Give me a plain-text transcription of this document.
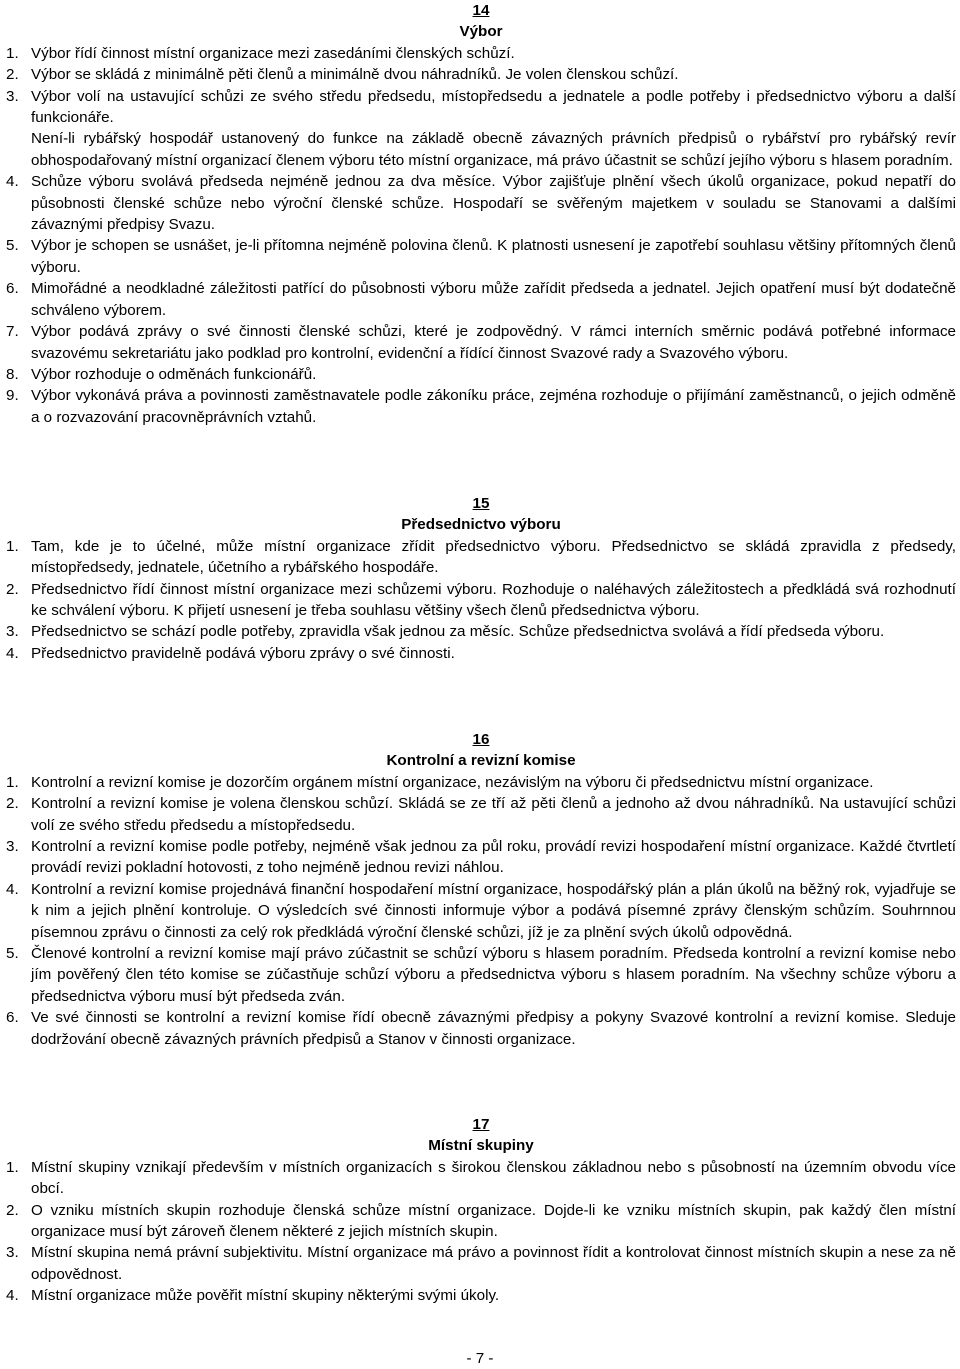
14
Výbor
1. Výbor řídí činnost místní organizace mezi zasedáními členských schůzí.
2. Výbor se skládá z minimálně pěti členů a minimálně dvou náhradníků. Je volen členskou schůzí.
3. Výbor volí na ustavující schůzi ze svého středu předsedu, místopředsedu a jednatele a podle potřeby i předsednictvo výboru a další funkcionáře.
Není-li rybářský hospodář ustanovený do funkce na základě obecně závazných právních předpisů o rybářství pro rybářský revír obhospodařovaný místní organizací členem výboru této místní organizace, má právo účastnit se schůzí jejího výboru s hlasem poradním.
4. Schůze výboru svolává předseda nejméně jednou za dva měsíce. Výbor zajišťuje plnění všech úkolů organizace, pokud nepatří do působnosti členské schůze nebo výroční členské schůze. Hospodaří se svěřeným majetkem v souladu se Stanovami a dalšími závaznými předpisy Svazu.
5. Výbor je schopen se usnášet, je-li přítomna nejméně polovina členů. K platnosti usnesení je zapotřebí souhlasu většiny přítomných členů výboru.
6. Mimořádné a neodkladné záležitosti patřící do působnosti výboru může zařídit předseda a jednatel. Jejich opatření musí být dodatečně schváleno výborem.
7. Výbor podává zprávy o své činnosti členské schůzi, které je zodpovědný. V rámci interních směrnic podává potřebné informace svazovému sekretariátu jako podklad pro kontrolní, evidenční a řídící činnost Svazové rady a Svazového výboru.
8. Výbor rozhoduje o odměnách funkcionářů.
9. Výbor vykonává práva a povinnosti zaměstnavatele podle zákoníku práce, zejména rozhoduje o přijímání zaměstnanců, o jejich odměně a o rozvazování pracovněprávních vztahů.
15
Předsednictvo výboru
1. Tam, kde je to účelné, může místní organizace zřídit předsednictvo výboru. Předsednictvo se skládá zpravidla z předsedy, místopředsedy, jednatele, účetního a rybářského hospodáře.
2. Předsednictvo řídí činnost místní organizace mezi schůzemi výboru. Rozhoduje o naléhavých záležitostech a předkládá svá rozhodnutí ke schválení výboru. K přijetí usnesení je třeba souhlasu většiny všech členů předsednictva výboru.
3. Předsednictvo se schází podle potřeby, zpravidla však jednou za měsíc. Schůze předsednictva svolává a řídí předseda výboru.
4. Předsednictvo pravidelně podává výboru zprávy o své činnosti.
16
Kontrolní a revizní komise
1. Kontrolní a revizní komise je dozorčím orgánem místní organizace, nezávislým na výboru či předsednictvu místní organizace.
2. Kontrolní a revizní komise je volena členskou schůzí. Skládá se ze tří až pěti členů a jednoho až dvou náhradníků. Na ustavující schůzi volí ze svého středu předsedu a místopředsedu.
3. Kontrolní a revizní komise podle potřeby, nejméně však jednou za půl roku, provádí revizi hospodaření místní organizace. Každé čtvrtletí provádí revizi pokladní hotovosti, z toho nejméně jednou revizi náhlou.
4. Kontrolní a revizní komise projednává finanční hospodaření místní organizace, hospodářský plán a plán úkolů na běžný rok, vyjadřuje se k nim a jejich plnění kontroluje. O výsledcích své činnosti informuje výbor a podává písemné zprávy členským schůzím. Souhrnnou písemnou zprávu o činnosti za celý rok předkládá výroční členské schůzi, jíž je za plnění svých úkolů odpovědná.
5. Členové kontrolní a revizní komise mají právo zúčastnit se schůzí výboru s hlasem poradním. Předseda kontrolní a revizní komise nebo jím pověřený člen této komise se zúčastňuje schůzí výboru a předsednictva výboru s hlasem poradním. Na všechny schůze výboru a předsednictva výboru musí být předseda zván.
6. Ve své činnosti se kontrolní a revizní komise řídí obecně závaznými předpisy a pokyny Svazové kontrolní a revizní komise. Sleduje dodržování obecně závazných právních předpisů a Stanov v činnosti organizace.
17
Místní skupiny
1. Místní skupiny vznikají především v místních organizacích s širokou členskou základnou nebo s působností na územním obvodu více obcí.
2. O vzniku místních skupin rozhoduje členská schůze místní organizace. Dojde-li ke vzniku místních skupin, pak každý člen místní organizace musí být zároveň členem některé z jejich místních skupin.
3. Místní skupina nemá právní subjektivitu. Místní organizace má právo a povinnost řídit a kontrolovat činnost místních skupin a nese za ně odpovědnost.
4. Místní organizace může pověřit místní skupiny některými svými úkoly.
- 7 -
